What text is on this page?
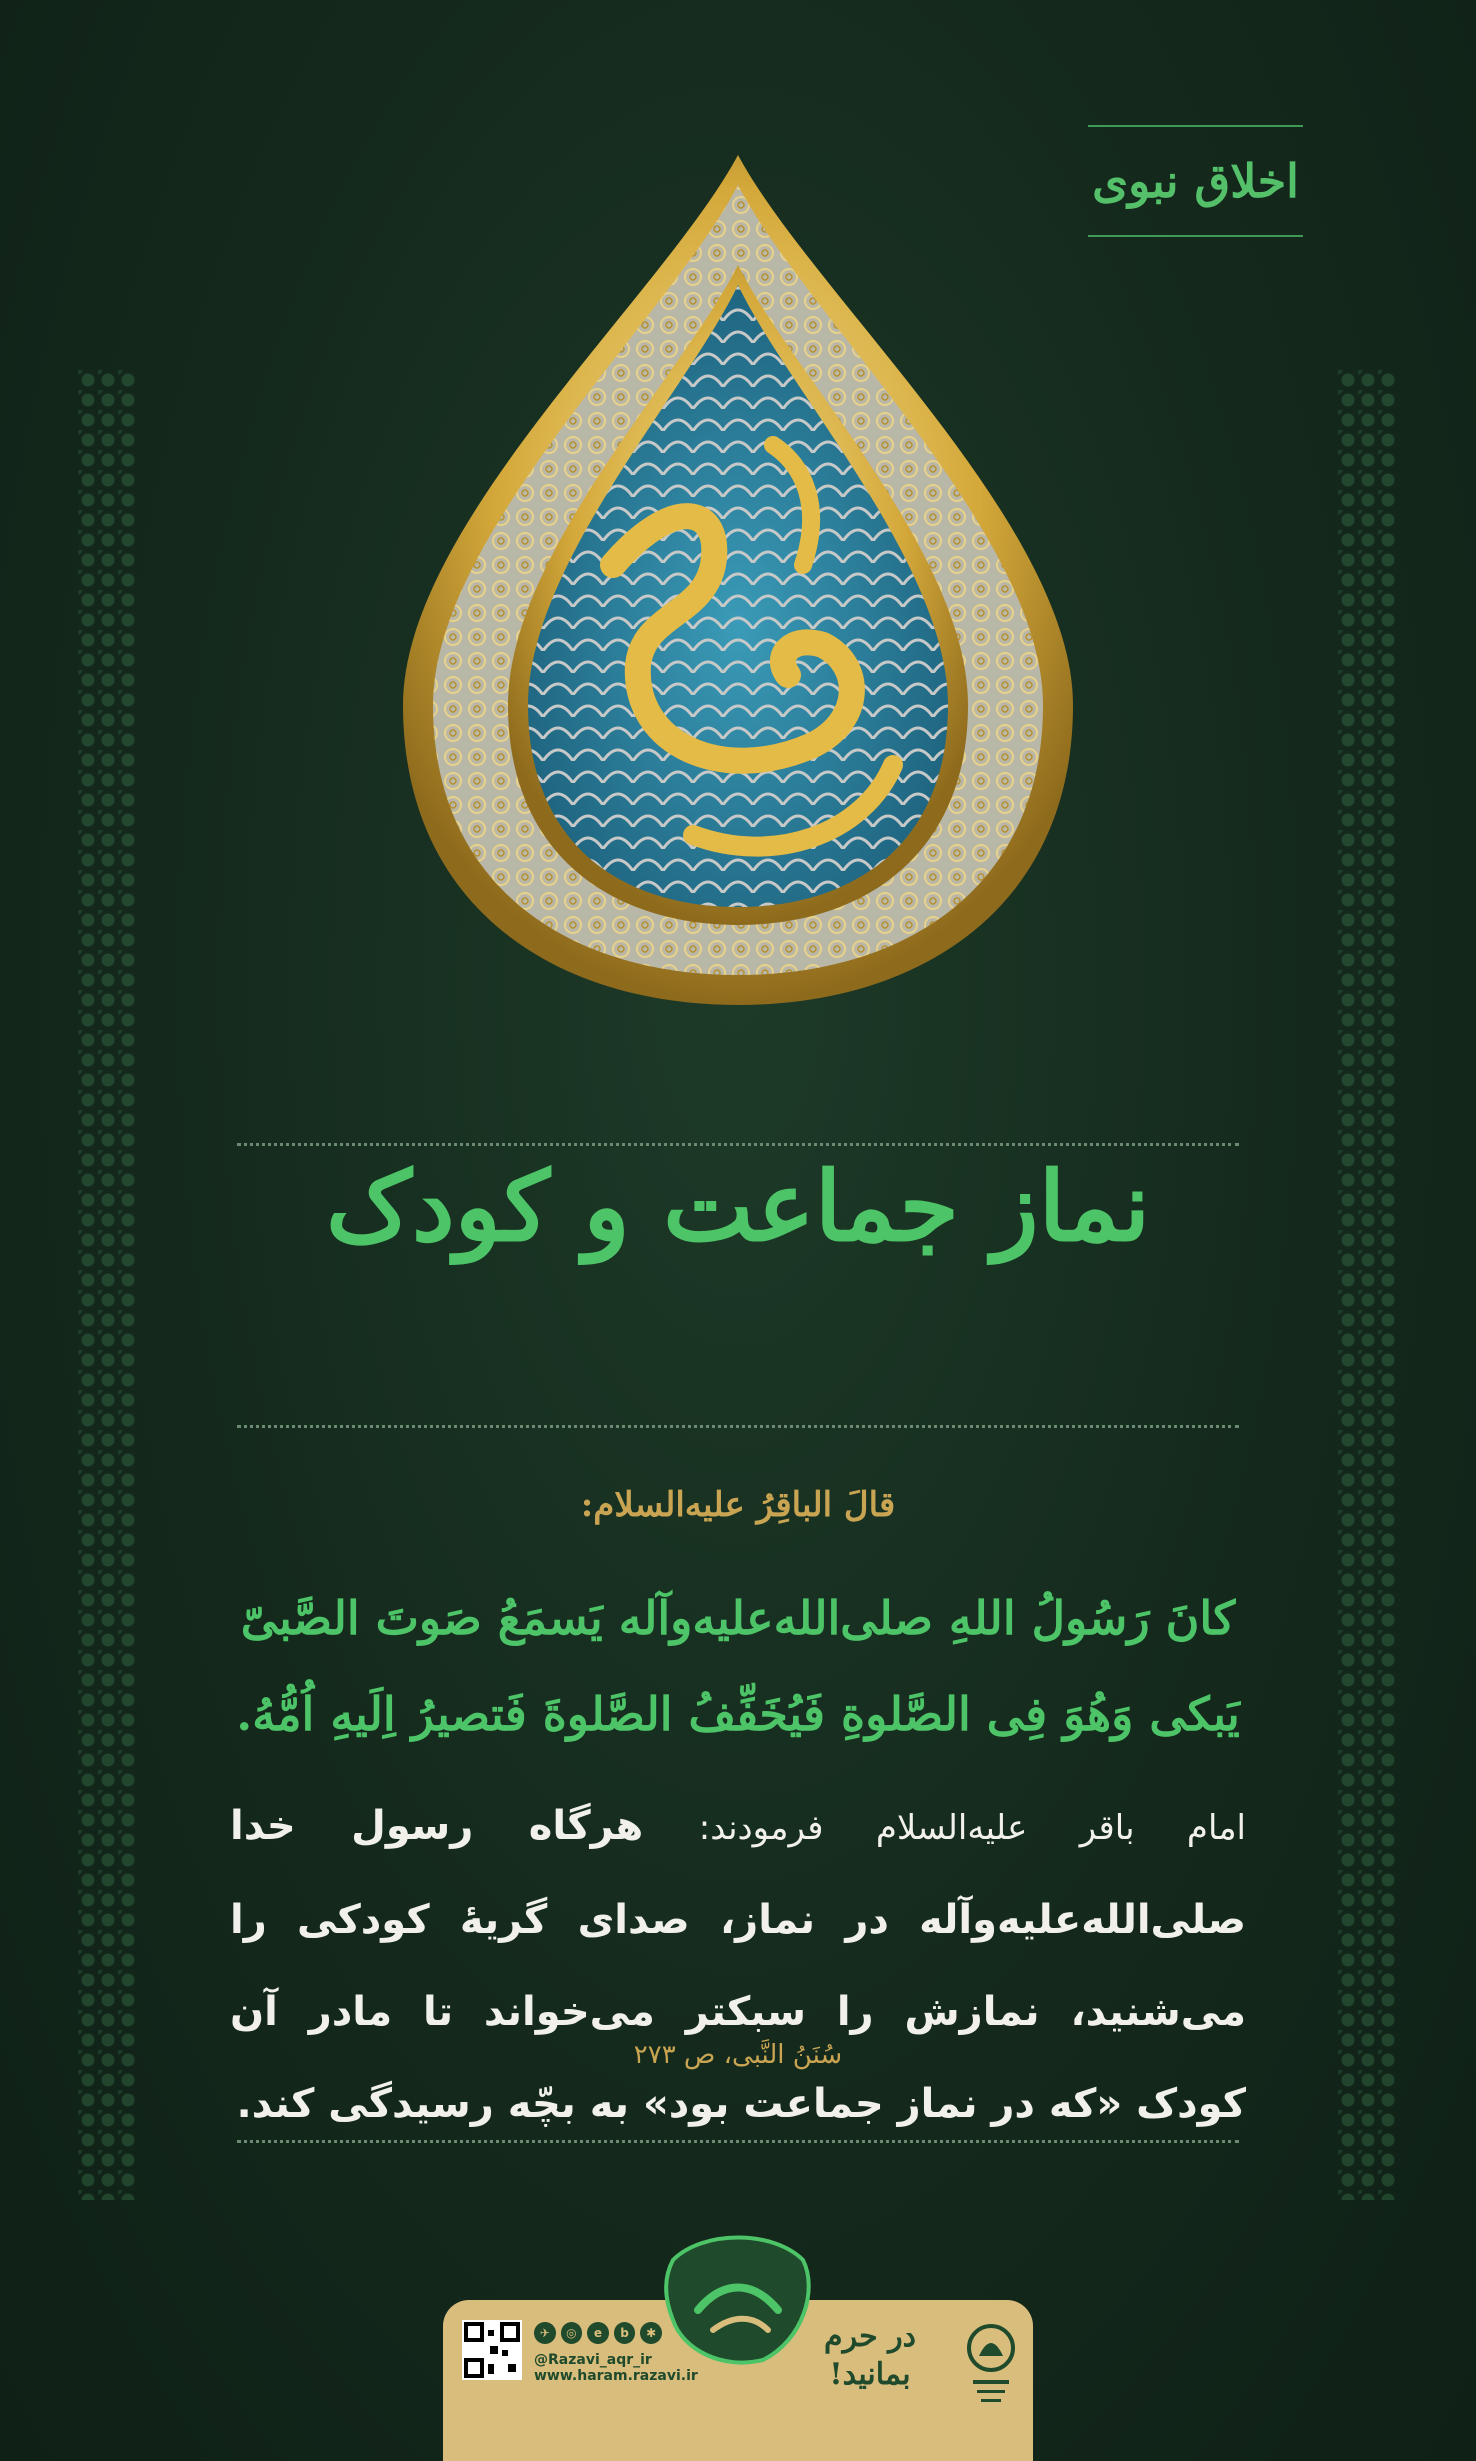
اخلاق نبوی
نماز جماعت و کودک
قالَ الباقِرُ عليه‌السلام:
کانَ رَسُولُ اللهِ صلی‌الله‌علیه‌وآله یَسمَعُ صَوتَ الصَّبیّ یَبکی وَهُوَ فِی الصَّلوةِ فَیُخَفِّفُ الصَّلوةَ فَتصیرُ اِلَیهِ اُمُّهُ.
امام باقر علیه‌السلام فرمودند: هرگاه رسول خدا صلی‌الله‌علیه‌وآله در نماز، صدای گریهٔ کودکی را می‌شنید، نمازش را سبکتر می‌خواند تا مادر آن کودک «که در نماز جماعت بود» به بچّه رسیدگی کند.
سُنَنُ النَّبی، ص ۲۷۳
در حرم
بمانید!
✈	◎	e	b	✱
@Razavi_aqr_ir
www.haram.razavi.ir
